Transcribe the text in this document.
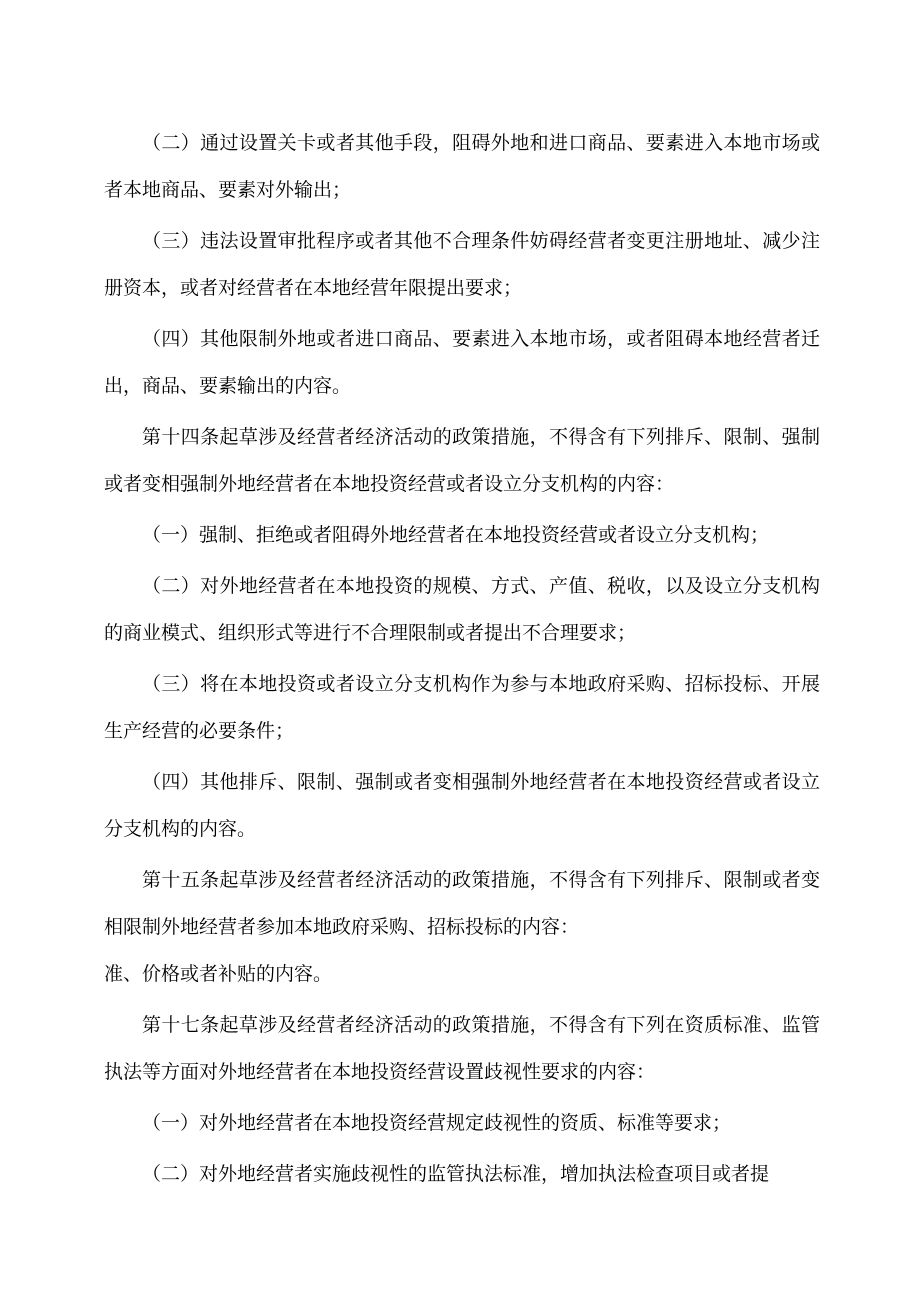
（二）通过设置关卡或者其他手段，阻碍外地和进口商品、要素进入本地市场或者本地商品、要素对外输出；

（三）违法设置审批程序或者其他不合理条件妨碍经营者变更注册地址、减少注册资本，或者对经营者在本地经营年限提出要求；

（四）其他限制外地或者进口商品、要素进入本地市场，或者阻碍本地经营者迁出，商品、要素输出的内容。

第十四条起草涉及经营者经济活动的政策措施，不得含有下列排斥、限制、强制或者变相强制外地经营者在本地投资经营或者设立分支机构的内容：

（一）强制、拒绝或者阻碍外地经营者在本地投资经营或者设立分支机构；

（二）对外地经营者在本地投资的规模、方式、产值、税收，以及设立分支机构的商业模式、组织形式等进行不合理限制或者提出不合理要求；

（三）将在本地投资或者设立分支机构作为参与本地政府采购、招标投标、开展生产经营的必要条件；

（四）其他排斥、限制、强制或者变相强制外地经营者在本地投资经营或者设立分支机构的内容。

第十五条起草涉及经营者经济活动的政策措施，不得含有下列排斥、限制或者变相限制外地经营者参加本地政府采购、招标投标的内容：

准、价格或者补贴的内容。

第十七条起草涉及经营者经济活动的政策措施，不得含有下列在资质标准、监管执法等方面对外地经营者在本地投资经营设置歧视性要求的内容：

（一）对外地经营者在本地投资经营规定歧视性的资质、标准等要求；

（二）对外地经营者实施歧视性的监管执法标准，增加执法检查项目或者提
